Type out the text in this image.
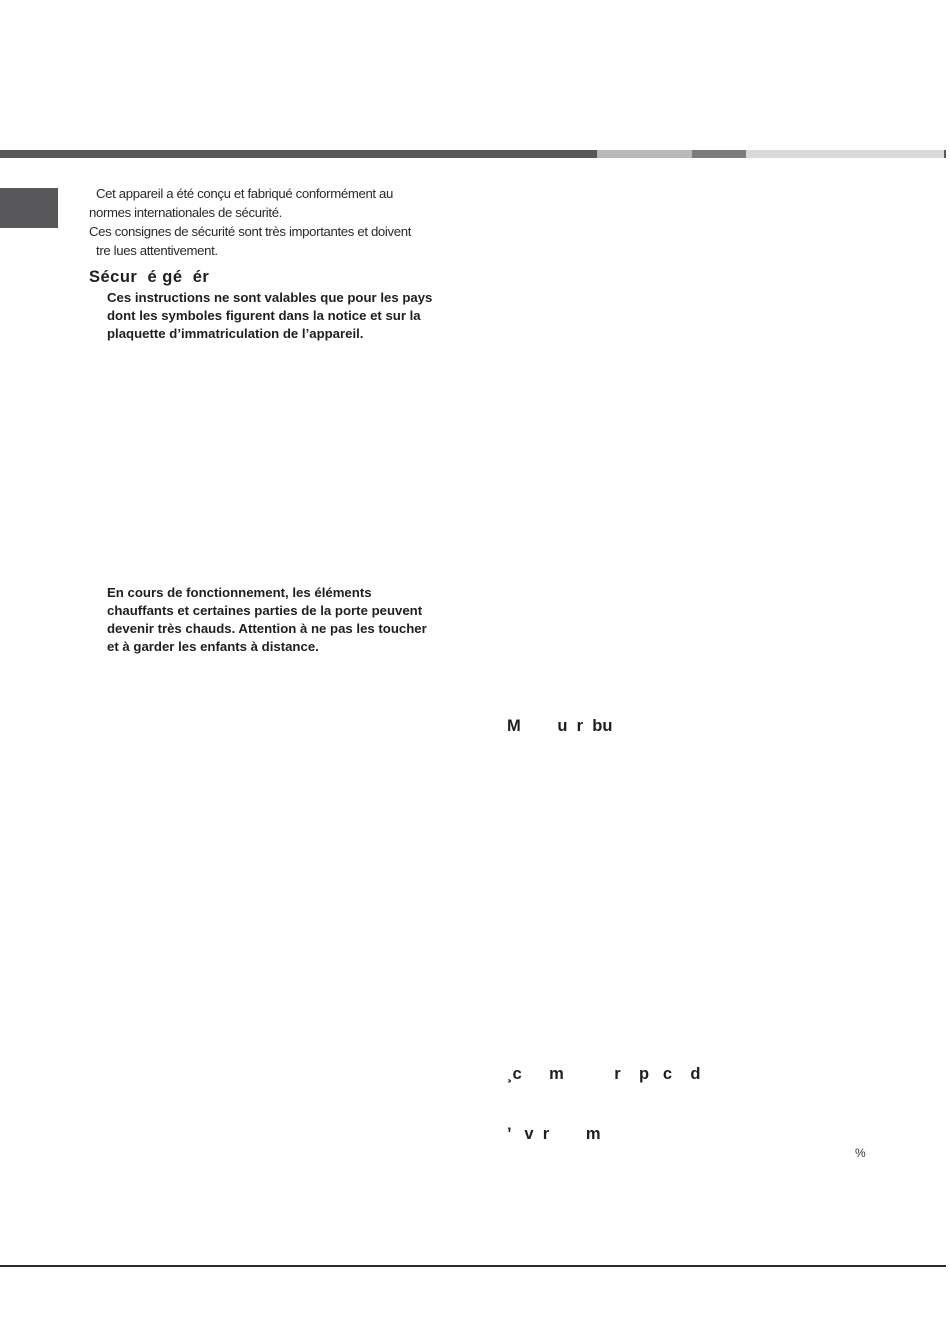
Cet appareil a été conçu et fabriqué conformément au
normes internationales de sécurité.
Ces consignes de sécurité sont très importantes et doivent
tre lues attentivement.
Sécur  é gé  ér
Ces instructions ne sont valables que pour les pays
dont les symboles figurent dans la notice et sur la
plaquette d’immatriculation de l’appareil.
En cours de fonctionnement, les éléments
chauffants et certaines parties de la porte peuvent
devenir très chauds. Attention à ne pas les toucher
et à garder les enfants à distance.
M        u  r  bu

¸c      m           r    p   c    d

’   v  r        m

%
